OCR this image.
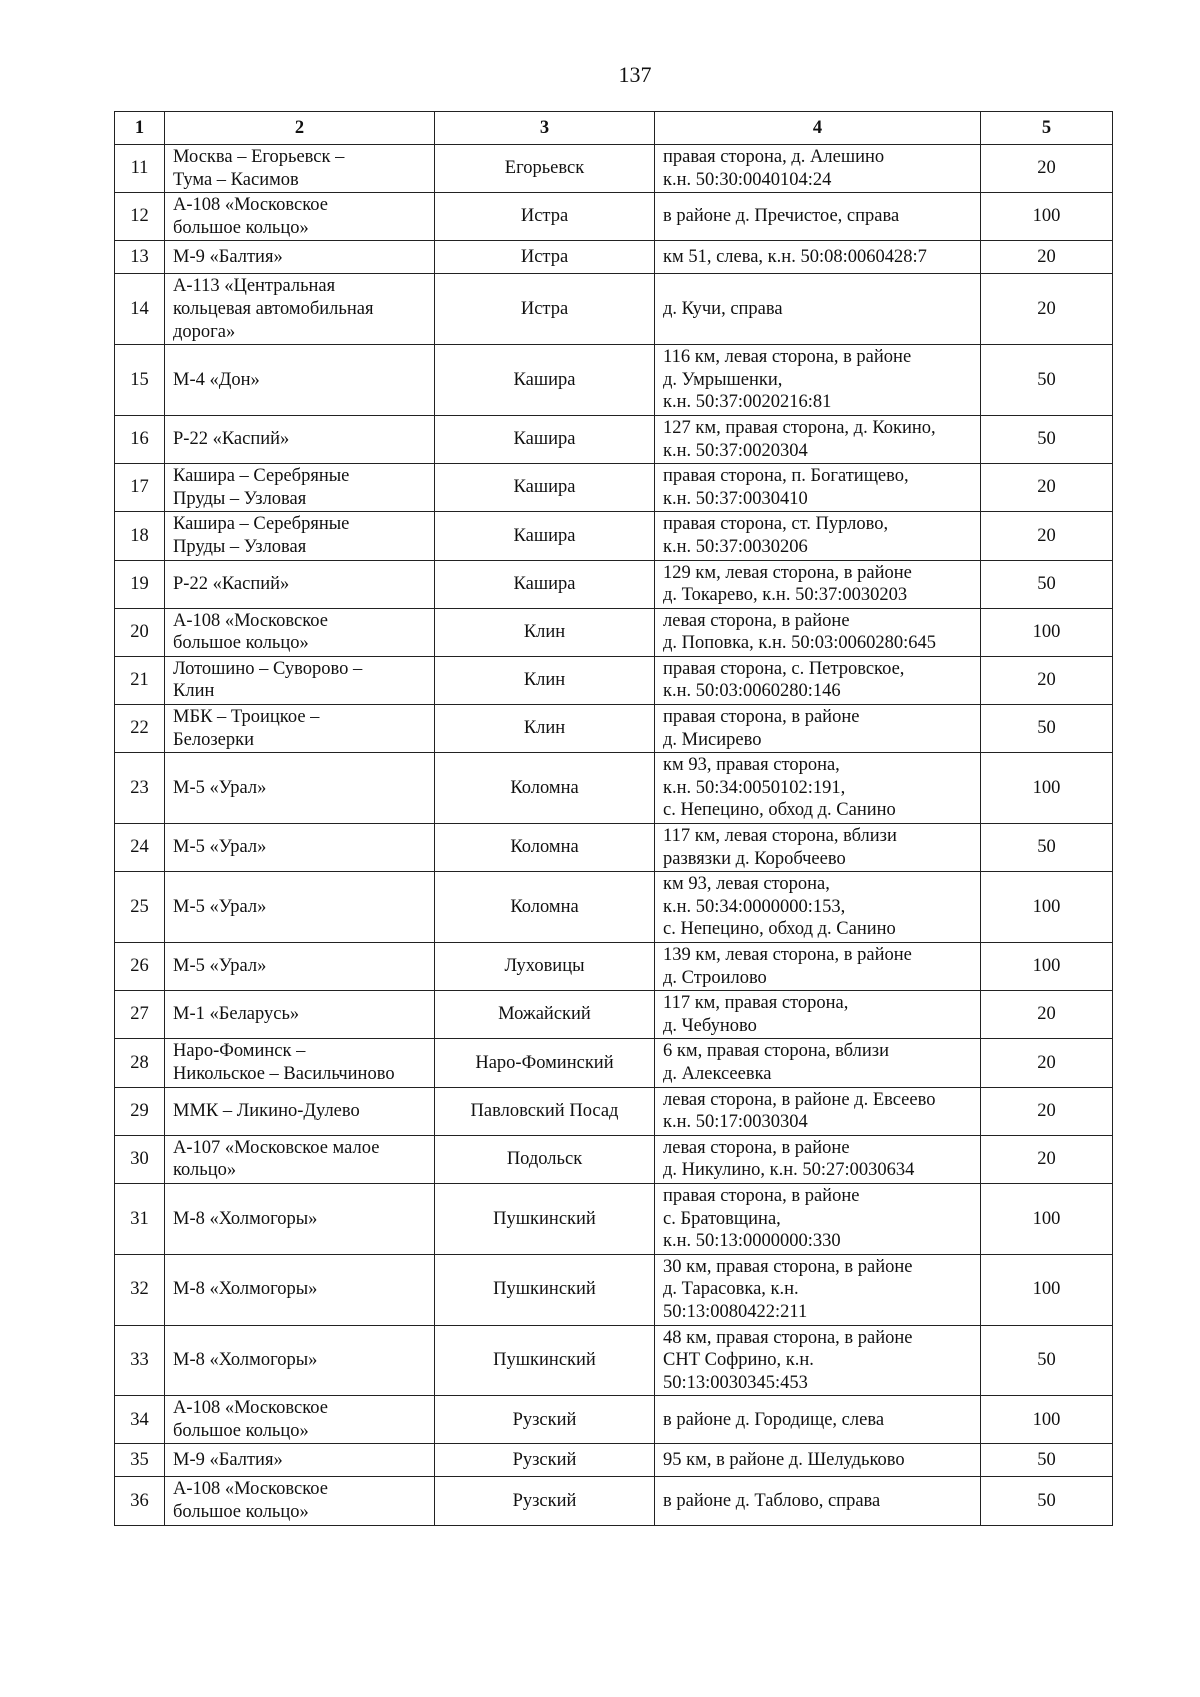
137
1	2	3	4	5
11	Москва – Егорьевск –
Тума – Касимов	Егорьевск	правая сторона, д. Алешино
к.н. 50:30:0040104:24	20
12	А-108 «Московское
большое кольцо»	Истра	в районе д. Пречистое, справа	100
13	М-9 «Балтия»	Истра	км 51, слева, к.н. 50:08:0060428:7	20
14	А-113 «Центральная
кольцевая автомобильная
дорога»	Истра	д. Кучи, справа	20
15	М-4 «Дон»	Кашира	116 км, левая сторона, в районе
д. Умрышенки,
к.н. 50:37:0020216:81	50
16	Р-22 «Каспий»	Кашира	127 км, правая сторона, д. Кокино,
к.н. 50:37:0020304	50
17	Кашира – Серебряные
Пруды – Узловая	Кашира	правая сторона, п. Богатищево,
к.н. 50:37:0030410	20
18	Кашира – Серебряные
Пруды – Узловая	Кашира	правая сторона, ст. Пурлово,
к.н. 50:37:0030206	20
19	Р-22 «Каспий»	Кашира	129 км, левая сторона, в районе
д. Токарево, к.н. 50:37:0030203	50
20	А-108 «Московское
большое кольцо»	Клин	левая сторона, в районе
д. Поповка, к.н. 50:03:0060280:645	100
21	Лотошино – Суворово –
Клин	Клин	правая сторона, с. Петровское,
к.н. 50:03:0060280:146	20
22	МБК – Троицкое –
Белозерки	Клин	правая сторона, в районе
д. Мисирево	50
23	М-5 «Урал»	Коломна	км 93, правая сторона,
к.н. 50:34:0050102:191,
с. Непецино, обход д. Санино	100
24	М-5 «Урал»	Коломна	117 км, левая сторона, вблизи
развязки д. Коробчеево	50
25	М-5 «Урал»	Коломна	км 93, левая сторона,
к.н. 50:34:0000000:153,
с. Непецино, обход д. Санино	100
26	М-5 «Урал»	Луховицы	139 км, левая сторона, в районе
д. Строилово	100
27	М-1 «Беларусь»	Можайский	117 км, правая сторона,
д. Чебуново	20
28	Наро-Фоминск –
Никольское – Васильчиново	Наро-Фоминский	6 км, правая сторона, вблизи
д. Алексеевка	20
29	ММК – Ликино-Дулево	Павловский Посад	левая сторона, в районе д. Евсеево
к.н. 50:17:0030304	20
30	А-107 «Московское малое
кольцо»	Подольск	левая сторона, в районе
д. Никулино, к.н. 50:27:0030634	20
31	М-8 «Холмогоры»	Пушкинский	правая сторона, в районе
с. Братовщина,
к.н. 50:13:0000000:330	100
32	М-8 «Холмогоры»	Пушкинский	30 км, правая сторона, в районе
д. Тарасовка, к.н.
50:13:0080422:211	100
33	М-8 «Холмогоры»	Пушкинский	48 км, правая сторона, в районе
СНТ Софрино, к.н.
50:13:0030345:453	50
34	А-108 «Московское
большое кольцо»	Рузский	в районе д. Городище, слева	100
35	М-9 «Балтия»	Рузский	95 км, в районе д. Шелудьково	50
36	А-108 «Московское
большое кольцо»	Рузский	в районе д. Таблово, справа	50
